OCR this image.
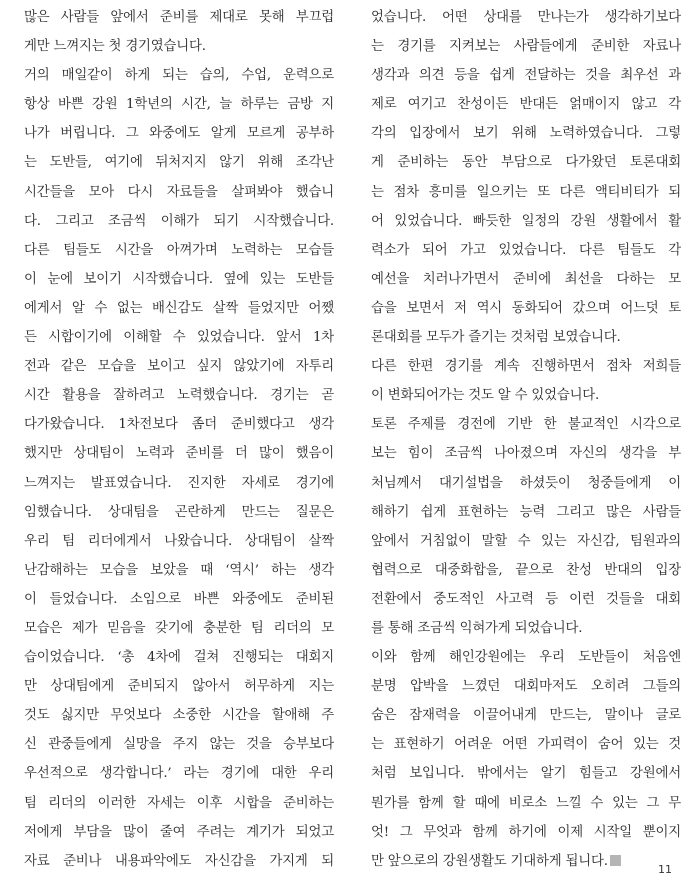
많은 사람들 앞에서 준비를 제대로 못해 부끄럽
게만 느껴지는 첫 경기였습니다.
거의 매일같이 하게 되는 습의, 수업, 운력으로
항상 바쁜 강원 1학년의 시간, 늘 하루는 금방 지
나가 버립니다. 그 와중에도 알게 모르게 공부하
는 도반들, 여기에 뒤처지지 않기 위해 조각난
시간들을 모아 다시 자료들을 살펴봐야 했습니
다. 그리고 조금씩 이해가 되기 시작했습니다.
다른 팀들도 시간을 아껴가며 노력하는 모습들
이 눈에 보이기 시작했습니다. 옆에 있는 도반들
에게서 알 수 없는 배신감도 살짝 들었지만 어쨌
든 시합이기에 이해할 수 있었습니다. 앞서 1차
전과 같은 모습을 보이고 싶지 않았기에 자투리
시간 활용을 잘하려고 노력했습니다. 경기는 곧
다가왔습니다. 1차전보다 좀더 준비했다고 생각
했지만 상대팀이 노력과 준비를 더 많이 했음이
느껴지는 발표였습니다. 진지한 자세로 경기에
임했습니다. 상대팀을 곤란하게 만드는 질문은
우리 팀 리더에게서 나왔습니다. 상대팀이 살짝
난감해하는 모습을 보았을 때 ‘역시’ 하는 생각
이 들었습니다. 소임으로 바쁜 와중에도 준비된
모습은 제가 믿음을 갖기에 충분한 팀 리더의 모
습이었습니다. ‘총 4차에 걸쳐 진행되는 대회지
만 상대팀에게 준비되지 않아서 허무하게 지는
것도 싫지만 무엇보다 소중한 시간을 할애해 주
신 관중들에게 실망을 주지 않는 것을 승부보다
우선적으로 생각합니다.’ 라는 경기에 대한 우리
팀 리더의 이러한 자세는 이후 시합을 준비하는
저에게 부담을 많이 줄여 주려는 계기가 되었고
자료 준비나 내용파악에도 자신감을 가지게 되
었습니다. 어떤 상대를 만나는가 생각하기보다
는 경기를 지켜보는 사람들에게 준비한 자료나
생각과 의견 등을 쉽게 전달하는 것을 최우선 과
제로 여기고 찬성이든 반대든 얽매이지 않고 각
각의 입장에서 보기 위해 노력하였습니다. 그렇
게 준비하는 동안 부담으로 다가왔던 토론대회
는 점차 흥미를 일으키는 또 다른 액티비티가 되
어 있었습니다. 빠듯한 일정의 강원 생활에서 활
력소가 되어 가고 있었습니다. 다른 팀들도 각
예선을 치러나가면서 준비에 최선을 다하는 모
습을 보면서 저 역시 동화되어 갔으며 어느덧 토
론대회를 모두가 즐기는 것처럼 보였습니다.
다른 한편 경기를 계속 진행하면서 점차 저희들
이 변화되어가는 것도 알 수 있었습니다.
토론 주제를 경전에 기반 한 불교적인 시각으로
보는 힘이 조금씩 나아졌으며 자신의 생각을 부
처님께서 대기설법을 하셨듯이 청중들에게 이
해하기 쉽게 표현하는 능력 그리고 많은 사람들
앞에서 거침없이 말할 수 있는 자신감, 팀원과의
협력으로 대중화합을, 끝으로 찬성 반대의 입장
전환에서 중도적인 사고력 등 이런 것들을 대회
를 통해 조금씩 익혀가게 되었습니다.
이와 함께 해인강원에는 우리 도반들이 처음엔
분명 압박을 느꼈던 대회마저도 오히려 그들의
숨은 잠재력을 이끌어내게 만드는, 말이나 글로
는 표현하기 어려운 어떤 가피력이 숨어 있는 것
처럼 보입니다. 밖에서는 알기 힘들고 강원에서
뭔가를 함께 할 때에 비로소 느낄 수 있는 그 무
엇! 그 무엇과 함께 하기에 이제 시작일 뿐이지
만 앞으로의 강원생활도 기대하게 됩니다.
11
